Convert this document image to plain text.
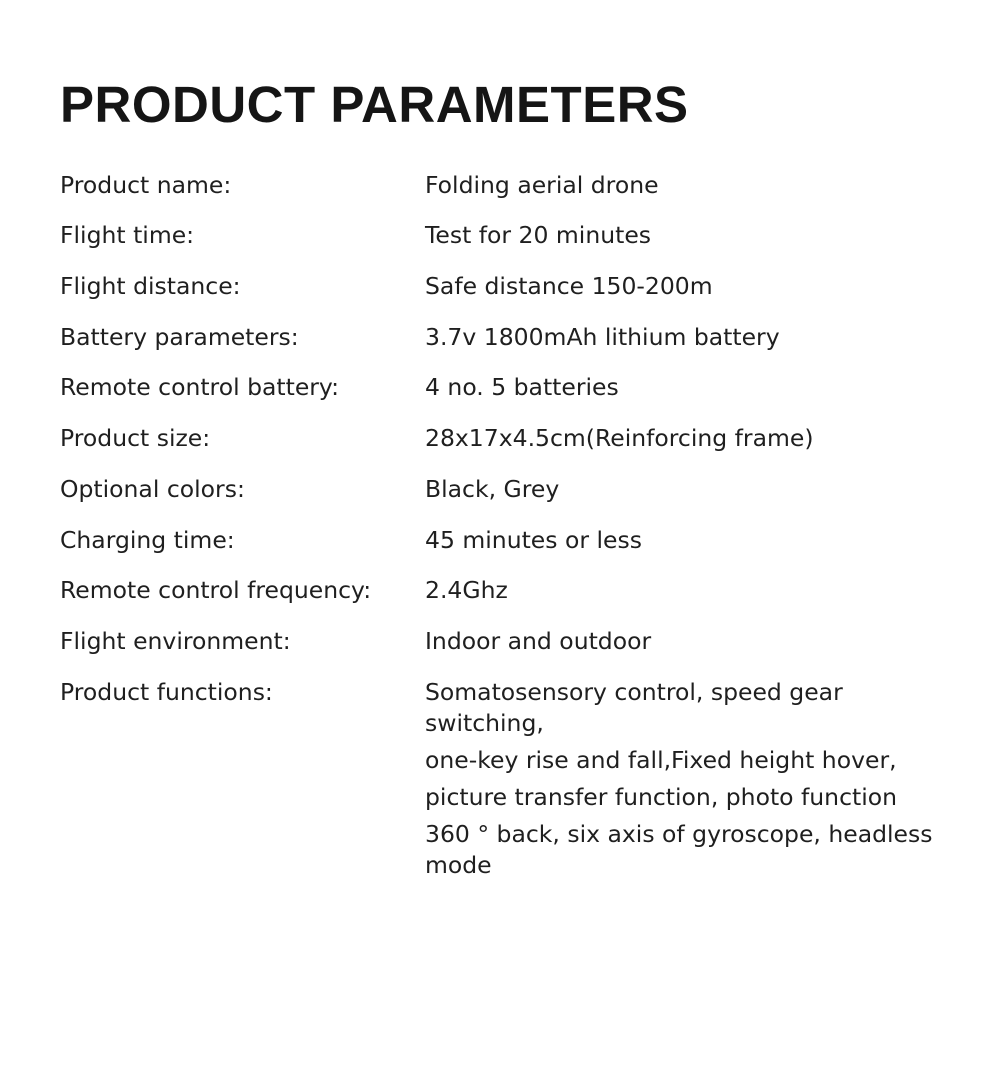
PRODUCT PARAMETERS
Product name:	Folding aerial drone
Flight time:	Test for 20 minutes
Flight distance:	Safe distance 150-200m
Battery parameters:	3.7v 1800mAh lithium battery
Remote control battery:	4 no. 5 batteries
Product size:	28x17x4.5cm(Reinforcing frame)
Optional colors:	Black, Grey
Charging time:	45 minutes or less
Remote control frequency:	2.4Ghz
Flight environment:	Indoor and outdoor
Product functions:	Somatosensory control, speed gear switching,
one-key rise and fall,Fixed height hover,
picture transfer function, photo function
360 ° back, six axis of gyroscope, headless mode
